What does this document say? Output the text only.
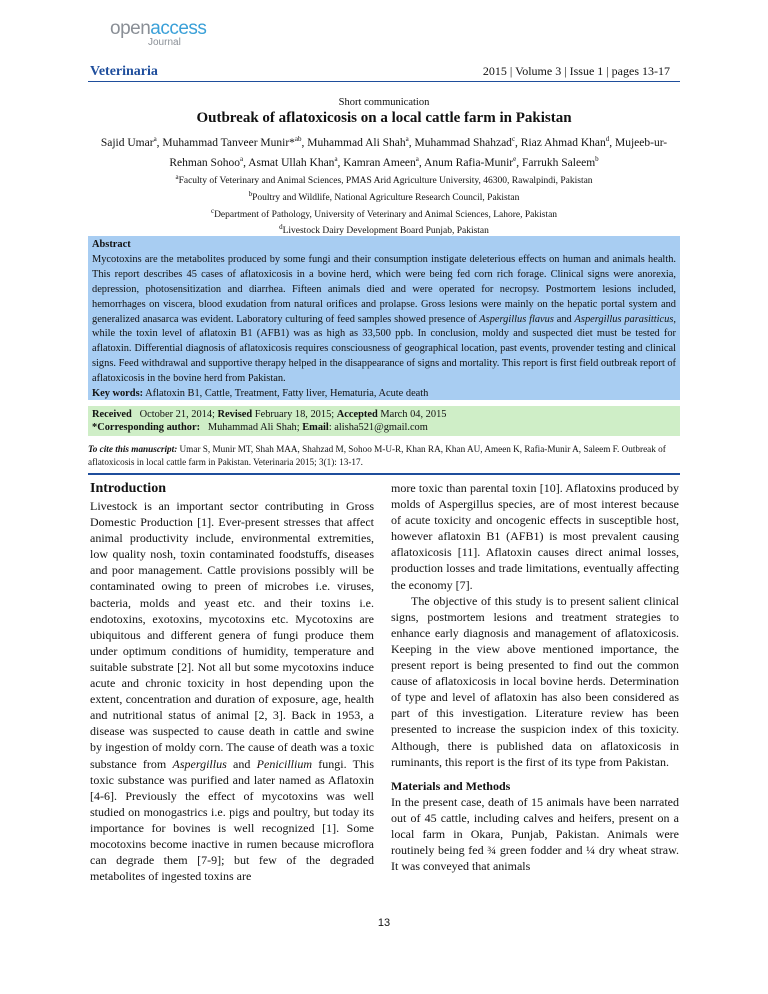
openaccess
Journal
Veterinaria	2015 | Volume 3 | Issue 1 | pages 13-17
Short communication
Outbreak of aflatoxicosis on a local cattle farm in Pakistan
Sajid Umar$^a$, Muhammad Tanveer Munir*$^{ab}$, Muhammad Ali Shah$^a$, Muhammad Shahzad$^c$, Riaz Ahmad Khan$^d$, Mujeeb-ur-
Rehman Sohoo$^a$, Asmat Ullah Khan$^a$, Kamran Ameen$^a$, Anum Rafia-Munir$^e$, Farrukh Saleem$^b$
$^a$Faculty of Veterinary and Animal Sciences, PMAS Arid Agriculture University, 46300, Rawalpindi, Pakistan
$^b$Poultry and Wildlife, National Agriculture Research Council, Pakistan
$^c$Department of Pathology, University of Veterinary and Animal Sciences, Lahore, Pakistan
$^d$Livestock Dairy Development Board Punjab, Pakistan
Abstract
Mycotoxins are the metabolites produced by some fungi and their consumption instigate deleterious effects on human and animals health. This report describes 45 cases of aflatoxicosis in a bovine herd, which were being fed corn rich forage. Clinical signs were anorexia, depression, photosensitization and diarrhea. Fifteen animals died and were operated for necropsy. Postmortem lesions included, hemorrhages on viscera, blood exudation from natural orifices and prolapse. Gross lesions were mainly on the hepatic portal system and generalized anasarca was evident. Laboratory culturing of feed samples showed presence of Aspergillus flavus and Aspergillus parasitticus, while the toxin level of aflatoxin B1 (AFB1) was as high as 33,500 ppb. In conclusion, moldy and suspected diet must be tested for aflatoxin. Differential diagnosis of aflatoxicosis requires consciousness of geographical location, past events, provender testing and clinical signs. Feed withdrawal and supportive therapy helped in the disappearance of signs and mortality. This report is first field outbreak report of aflatoxicosis in the bovine herd from Pakistan.
Key words: Aflatoxin B1, Cattle, Treatment, Fatty liver, Hematuria, Acute death
Received October 21, 2014; Revised February 18, 2015; Accepted March 04, 2015
*Corresponding author: Muhammad Ali Shah; Email: alisha521@gmail.com
To cite this manuscript: Umar S, Munir MT, Shah MAA, Shahzad M, Sohoo M-U-R, Khan RA, Khan AU, Ameen K, Rafia-Munir A, Saleem F. Outbreak of aflatoxicosis in local cattle farm in Pakistan. Veterinaria 2015; 3(1): 13-17.
Introduction

Livestock is an important sector contributing in Gross Domestic Production [1]. Ever-present stresses that affect animal productivity include, environmental extremities, low quality nosh, toxin contaminated foodstuffs, diseases and poor management. Cattle provisions possibly will be contaminated owing to preen of microbes i.e. viruses, bacteria, molds and yeast etc. and their toxins i.e. endotoxins, exotoxins, mycotoxins etc. Mycotoxins are ubiquitous and different genera of fungi produce them under optimum conditions of humidity, temperature and suitable substrate [2]. Not all but some mycotoxins induce acute and chronic toxicity in host depending upon the extent, concentration and duration of exposure, age, health and nutritional status of animal [2, 3]. Back in 1953, a disease was suspected to cause death in cattle and swine by ingestion of moldy corn. The cause of death was a toxic substance from Aspergillus and Penicillium fungi. This toxic substance was purified and later named as Aflatoxin [4-6]. Previously the effect of mycotoxins was well studied on monogastrics i.e. pigs and poultry, but today its importance for bovines is well recognized [1]. Some mocotoxins become inactive in rumen because microflora can degrade them [7-9]; but few of the degraded metabolites of ingested toxins are

more toxic than parental toxin [10]. Aflatoxins produced by molds of Aspergillus species, are of most interest because of acute toxicity and oncogenic effects in susceptible host, however aflatoxin B1 (AFB1) is most prevalent causing aflatoxicosis [11]. Aflatoxin causes direct animal losses, production losses and trade limitations, eventually affecting the economy [7].

The objective of this study is to present salient clinical signs, postmortem lesions and treatment strategies to enhance early diagnosis and management of aflatoxicosis. Keeping in the view above mentioned importance, the present report is being presented to find out the common cause of aflatoxicosis in local bovine herds. Determination of type and level of aflatoxin has also been considered as part of this investigation. Literature review has been presented to increase the suspicion index of this toxicity. Although, there is published data on aflatoxicosis in ruminants, this report is the first of its type from Pakistan.

Materials and Methods

In the present case, death of 15 animals have been narrated out of 45 cattle, including calves and heifers, present on a local farm in Okara, Punjab, Pakistan. Animals were routinely being fed ¾ green fodder and ¼ dry wheat straw. It was conveyed that animals

13
